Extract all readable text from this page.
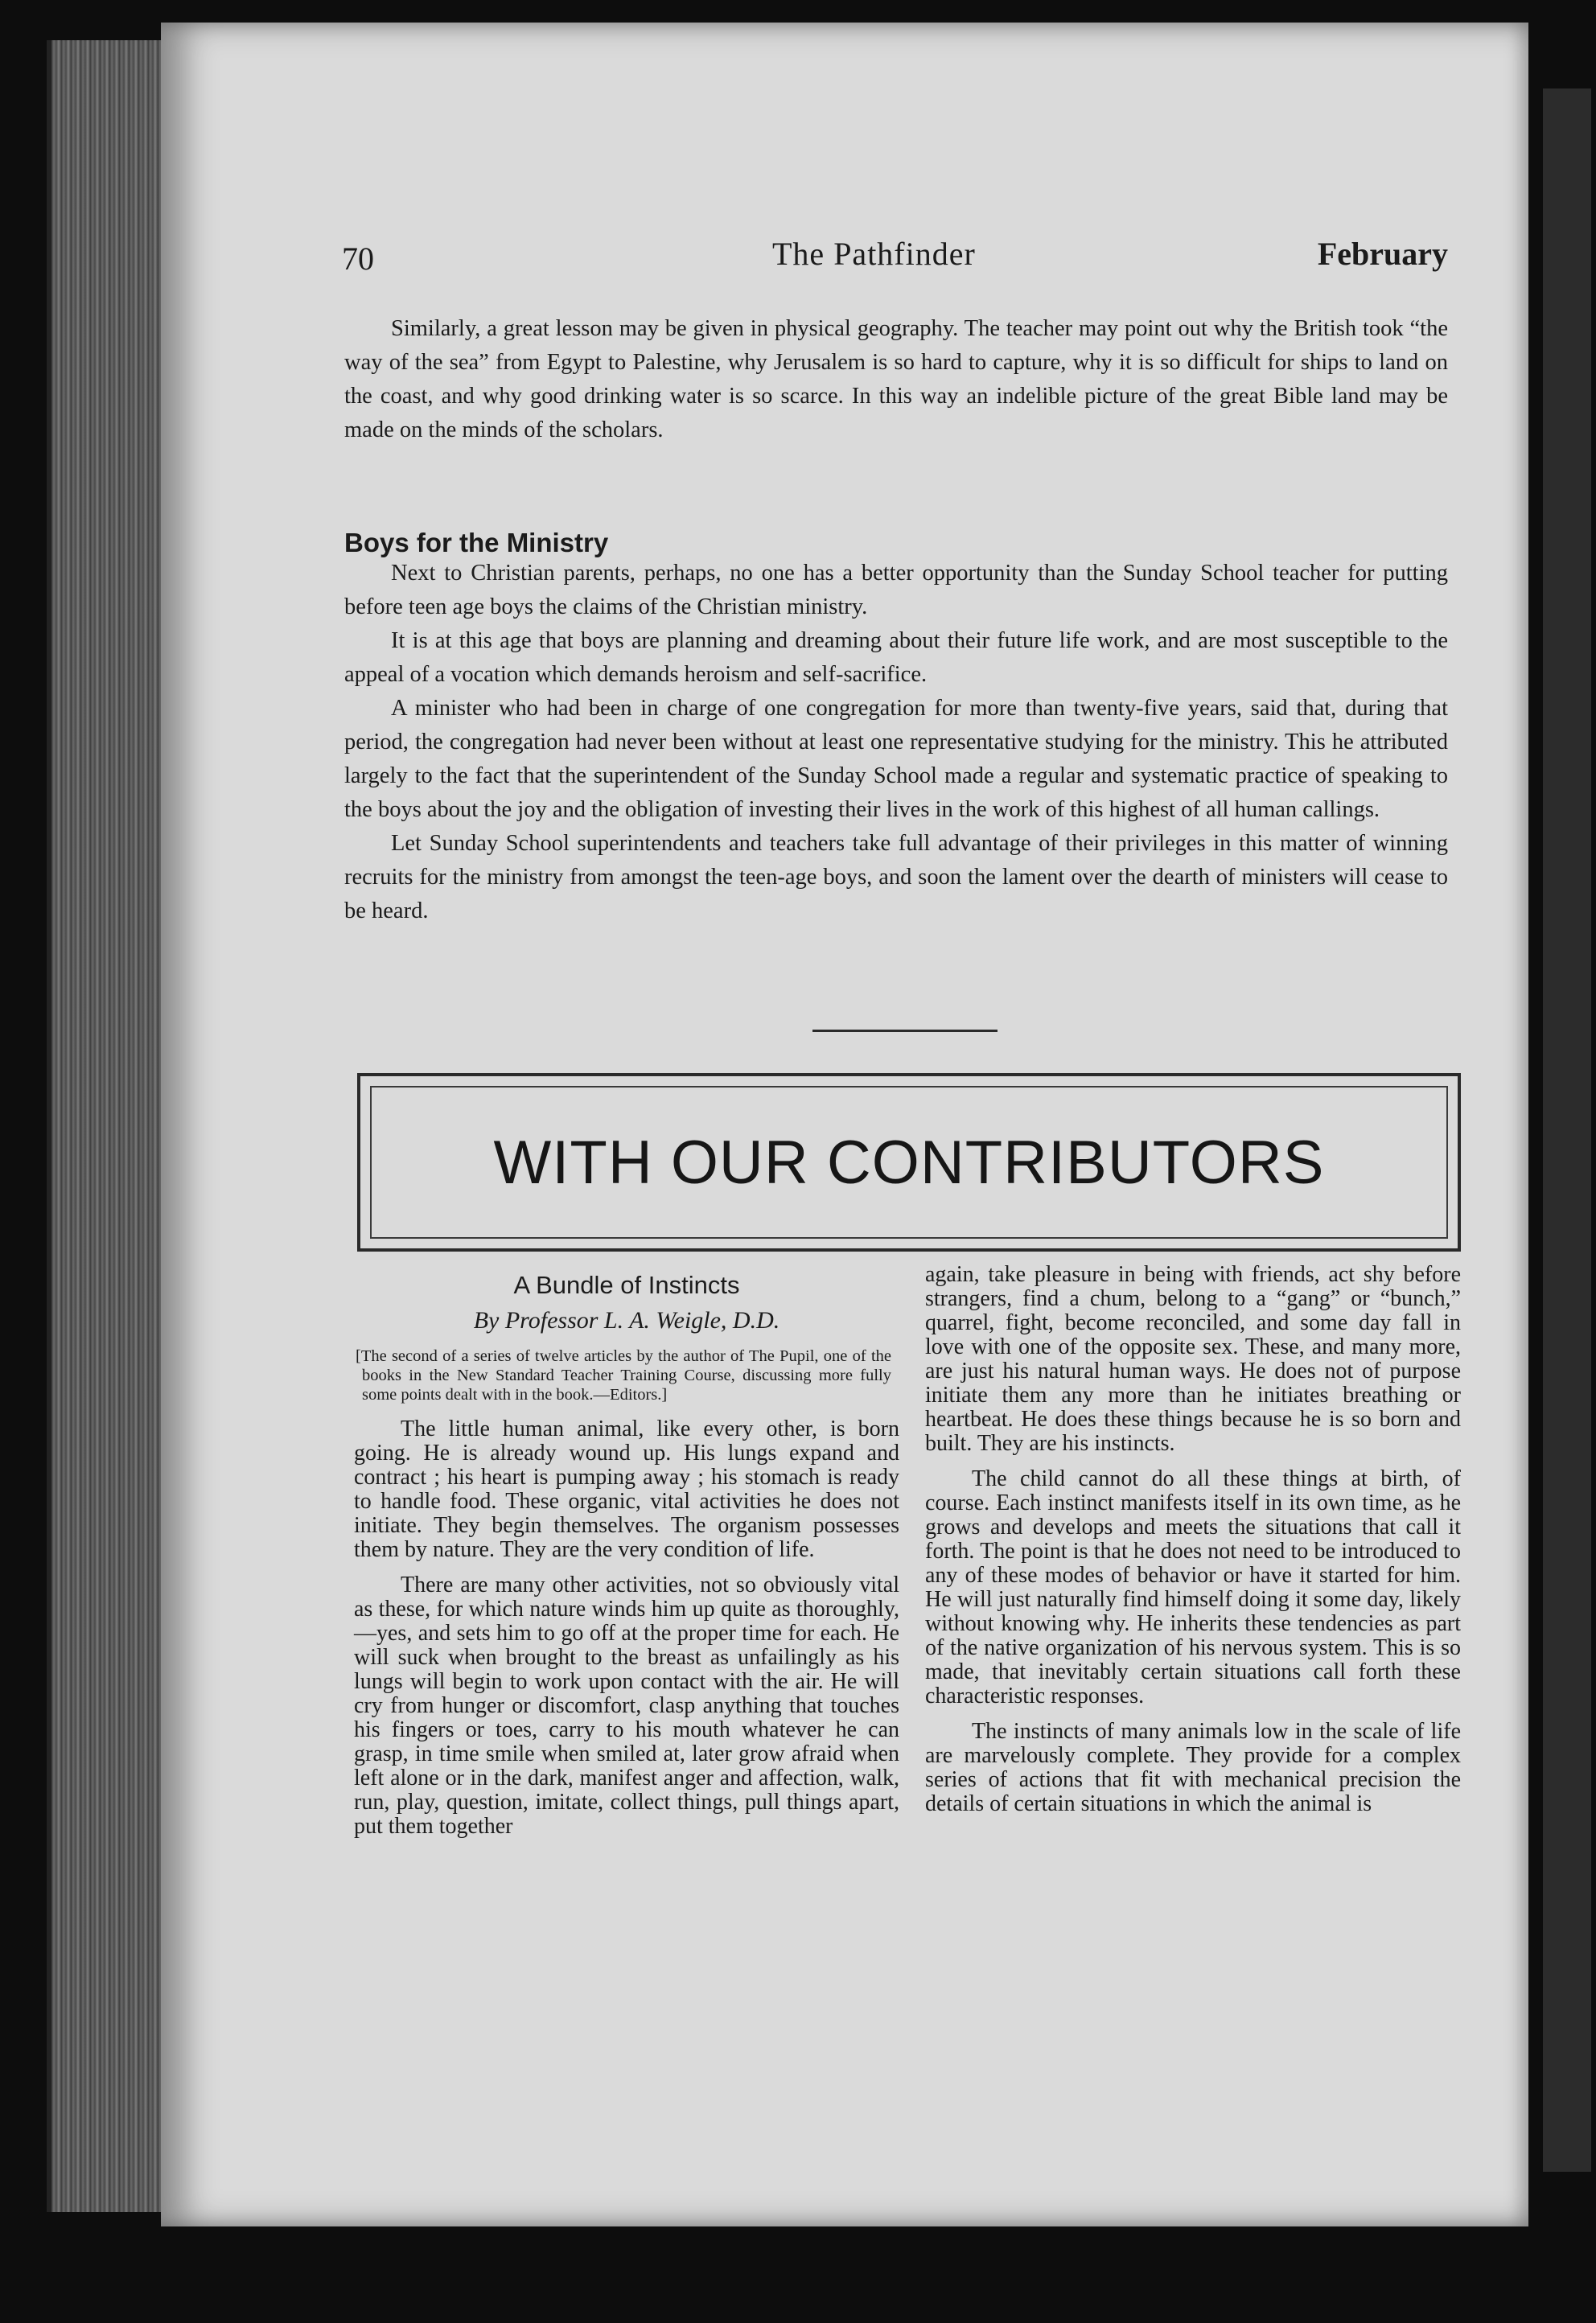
70	The Pathfinder	February

Similarly, a great lesson may be given in physical geography. The teacher may point out why the British took “the way of the sea” from Egypt to Palestine, why Jerusalem is so hard to capture, why it is so difficult for ships to land on the coast, and why good drinking water is so scarce. In this way an indelible picture of the great Bible land may be made on the minds of the scholars.

Boys for the Ministry

Next to Christian parents, perhaps, no one has a better opportunity than the Sunday School teacher for putting before teen age boys the claims of the Christian ministry.

It is at this age that boys are planning and dreaming about their future life work, and are most susceptible to the appeal of a vocation which demands heroism and self-sacrifice.

A minister who had been in charge of one congregation for more than twenty-five years, said that, during that period, the congregation had never been without at least one representative studying for the ministry. This he attributed largely to the fact that the superintendent of the Sunday School made a regular and systematic practice of speaking to the boys about the joy and the obligation of investing their lives in the work of this highest of all human callings.

Let Sunday School superintendents and teachers take full advantage of their privileges in this matter of winning recruits for the ministry from amongst the teen-age boys, and soon the lament over the dearth of ministers will cease to be heard.

WITH OUR CONTRIBUTORS
A Bundle of Instincts

By Professor L. A. Weigle, D.D.

[The second of a series of twelve articles by the author of The Pupil, one of the books in the New Standard Teacher Training Course, discussing more fully some points dealt with in the book.—Editors.]

The little human animal, like every other, is born going. He is already wound up. His lungs expand and contract ; his heart is pumping away ; his stomach is ready to handle food. These organic, vital activities he does not initiate. They begin themselves. The organism possesses them by nature. They are the very condition of life.

There are many other activities, not so obviously vital as these, for which nature winds him up quite as thoroughly,—yes, and sets him to go off at the proper time for each. He will suck when brought to the breast as unfailingly as his lungs will begin to work upon contact with the air. He will cry from hunger or discomfort, clasp anything that touches his fingers or toes, carry to his mouth whatever he can grasp, in time smile when smiled at, later grow afraid when left alone or in the dark, manifest anger and affection, walk, run, play, question, imitate, collect things, pull things apart, put them together

again, take pleasure in being with friends, act shy before strangers, find a chum, belong to a “gang” or “bunch,” quarrel, fight, become reconciled, and some day fall in love with one of the opposite sex. These, and many more, are just his natural human ways. He does not of purpose initiate them any more than he initiates breathing or heartbeat. He does these things because he is so born and built. They are his instincts.

The child cannot do all these things at birth, of course. Each instinct manifests itself in its own time, as he grows and develops and meets the situations that call it forth. The point is that he does not need to be introduced to any of these modes of behavior or have it started for him. He will just naturally find himself doing it some day, likely without knowing why. He inherits these tendencies as part of the native organization of his nervous system. This is so made, that inevitably certain situations call forth these characteristic responses.

The instincts of many animals low in the scale of life are marvelously complete. They provide for a complex series of actions that fit with mechanical precision the details of certain situations in which the animal is
